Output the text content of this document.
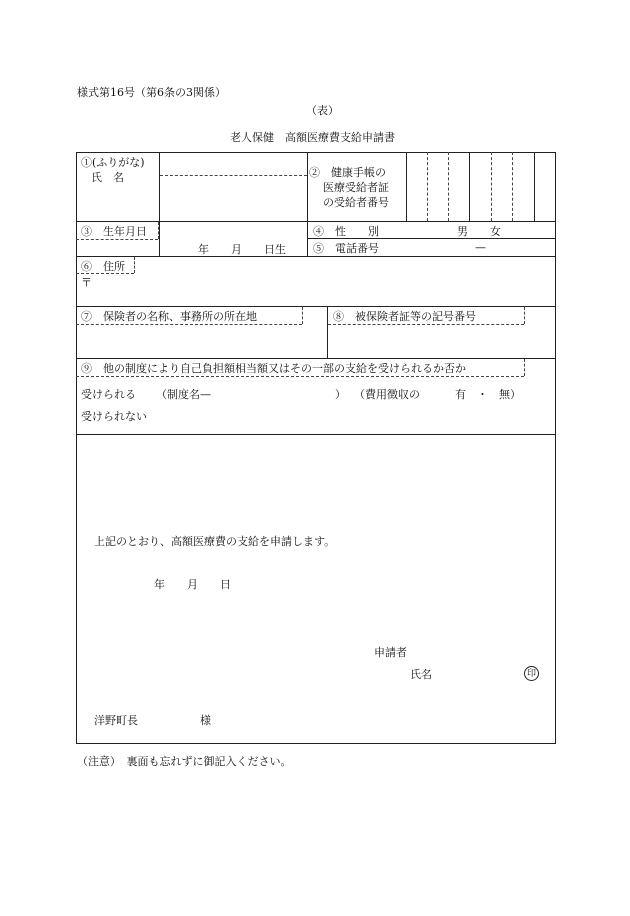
様式第16号（第6条の3関係）
（表）
老人保健　高額医療費支給申請書
①(ふりがな)
氏　名	②　健康手帳の
医療受給者証
の受給者番号
③　生年月日
年　　月　　日生
④　性　　別	男　　女
⑤　電話番号	—
⑥　住所
〒
⑦　保険者の名称、事務所の所在地	⑧　被保険者証等の記号番号
⑨　他の制度により自己負担額相当額又はその一部の支給を受けられるか否か
受けられる （制度名—	） （費用徴収の	有　・　無）
受けられない
上記のとおり、高額医療費の支給を申請します。
年　　月　　日
申請者
氏名	印
洋野町長	様
（注意）　裏面も忘れずに御記入ください。
